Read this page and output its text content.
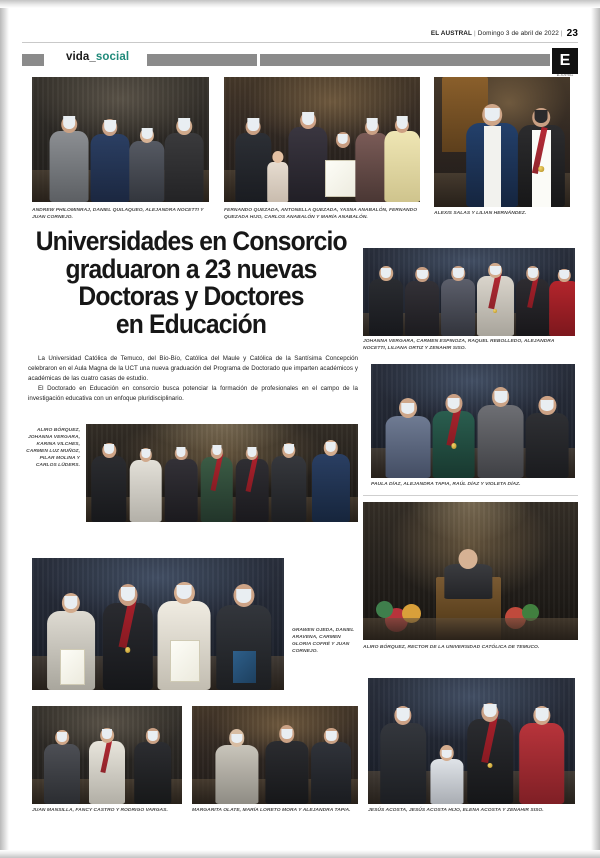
EL AUSTRAL | Domingo 3 de abril de 2022 | 23
vida_social	E
EL AUSTRAL
ANDREW PHILOMINRAJ, DANIEL QUILAQUEO, ALEJANDRA NOCETTI Y JUAN CORNEJO.
FERNANDO QUEZADA, ANTONELLA QUEZADA, YASNA ANABALÓN, FERNANDO QUEZADA HIJO, CARLOS ANABALÓN Y MARÍA ANABALÓN.
ALEXIS SALAS Y LILIAN HERNÁNDEZ.
Universidades en Consorcio
graduaron a 23 nuevas
Doctoras y Doctores
en Educación

La Universidad Católica de Temuco, del Bío-Bío, Católica del Maule y Católica de la Santísima Concepción celebraron en el Aula Magna de la UCT una nueva graduación del Programa de Doctorado que imparten académicos y académicas de las cuatro casas de estudio.

El Doctorado en Educación en consorcio busca potenciar la formación de profesionales en el campo de la investigación educativa con un enfoque pluridisciplinario.

JOHANNA VERGARA, CARMEN ESPINOZA, RAQUEL REBOLLEDO, ALEJANDRA NOCETTI, LILIANA ORTIZ Y ZENAHIR SISO.
PAULA DÍAZ, ALEJANDRA TAPIA, RAÚL DÍAZ Y VIOLETA DÍAZ.
ALIRO BÓRQUEZ, RECTOR DE LA UNIVERSIDAD CATÓLICA DE TEMUCO.
ALIRO BÓRQUEZ, JOHANNA VERGARA, KARINA VILCHES, CARMEN LUZ MUÑOZ, PILAR MOLINA Y CARLOS LÜDERS.
GRAWEN OJEDA, DANIEL ARAVENA, CARMEN GLORIA COFRÉ Y JUAN CORNEJO.
JUAN MANSILLA, FANCY CASTRO Y RODRIGO VARGAS.	MARGARITA OLATE, MARÍA LORETO MORA Y ALEJANDRA TAPIA.	JESÚS ACOSTA, JESÚS ACOSTA HIJO, ELENA ACOSTA Y ZENAHIR SISO.
